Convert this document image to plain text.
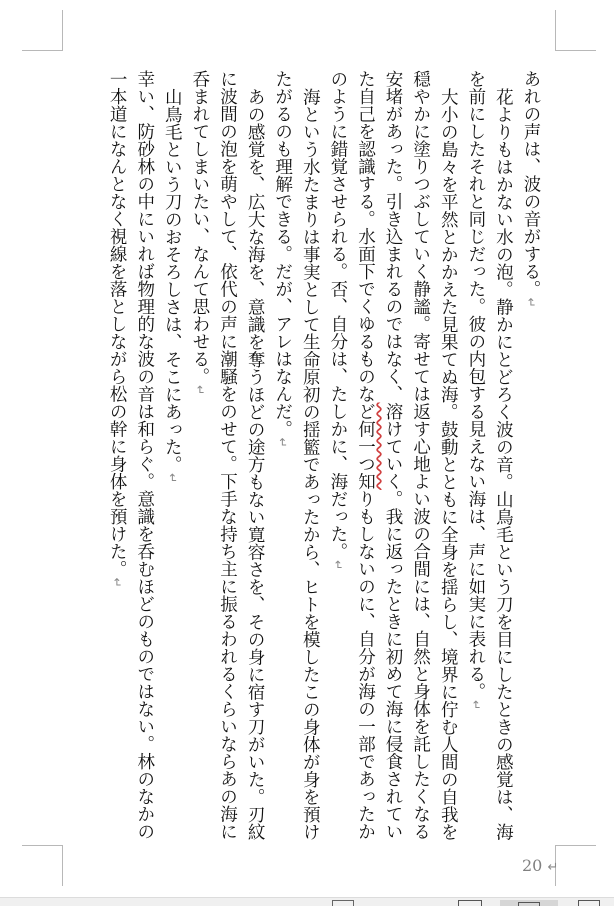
あれの声は、波の音がする。↵

花よりもはかない水の泡。静かにとどろく波の音。山鳥毛という刀を目にしたときの感覚は、海を前にしたそれと同じだった。彼の内包する見えない海は、声に如実に表れる。↵

大小の島々を平然とかかえた見果てぬ海。鼓動とともに全身を揺らし、境界に佇む人間の自我を穏やかに塗りつぶしていく静謐。寄せては返す心地よい波の合間には、自然と身体を託したくなる安堵があった。引き込まれるのではなく、溶けていく。我に返ったときに初めて海に侵食されていた自己を認識する。水面下でくゆるものなど何一つ知りもしないのに、自分が海の一部であったかのように錯覚させられる。否、自分は、たしかに、海だった。↵

海という水たまりは事実として生命原初の揺籃であったから、ヒトを模したこの身体が身を預けたがるのも理解できる。だが、アレはなんだ。↵

あの感覚を、広大な海を、意識を奪うほどの途方もない寛容さを、その身に宿す刀がいた。刃紋に波間の泡を萌やして、依代の声に潮騒をのせて。下手な持ち主に振るわれるくらいならあの海に呑まれてしまいたい、なんて思わせる。↵

山鳥毛という刀のおそろしさは、そこにあった。↵

幸い、防砂林の中にいれば物理的な波の音は和らぐ。意識を呑むほどのものではない。林のなかの一本道になんとなく視線を落としながら松の幹に身体を預けた。↵

20 ↵
